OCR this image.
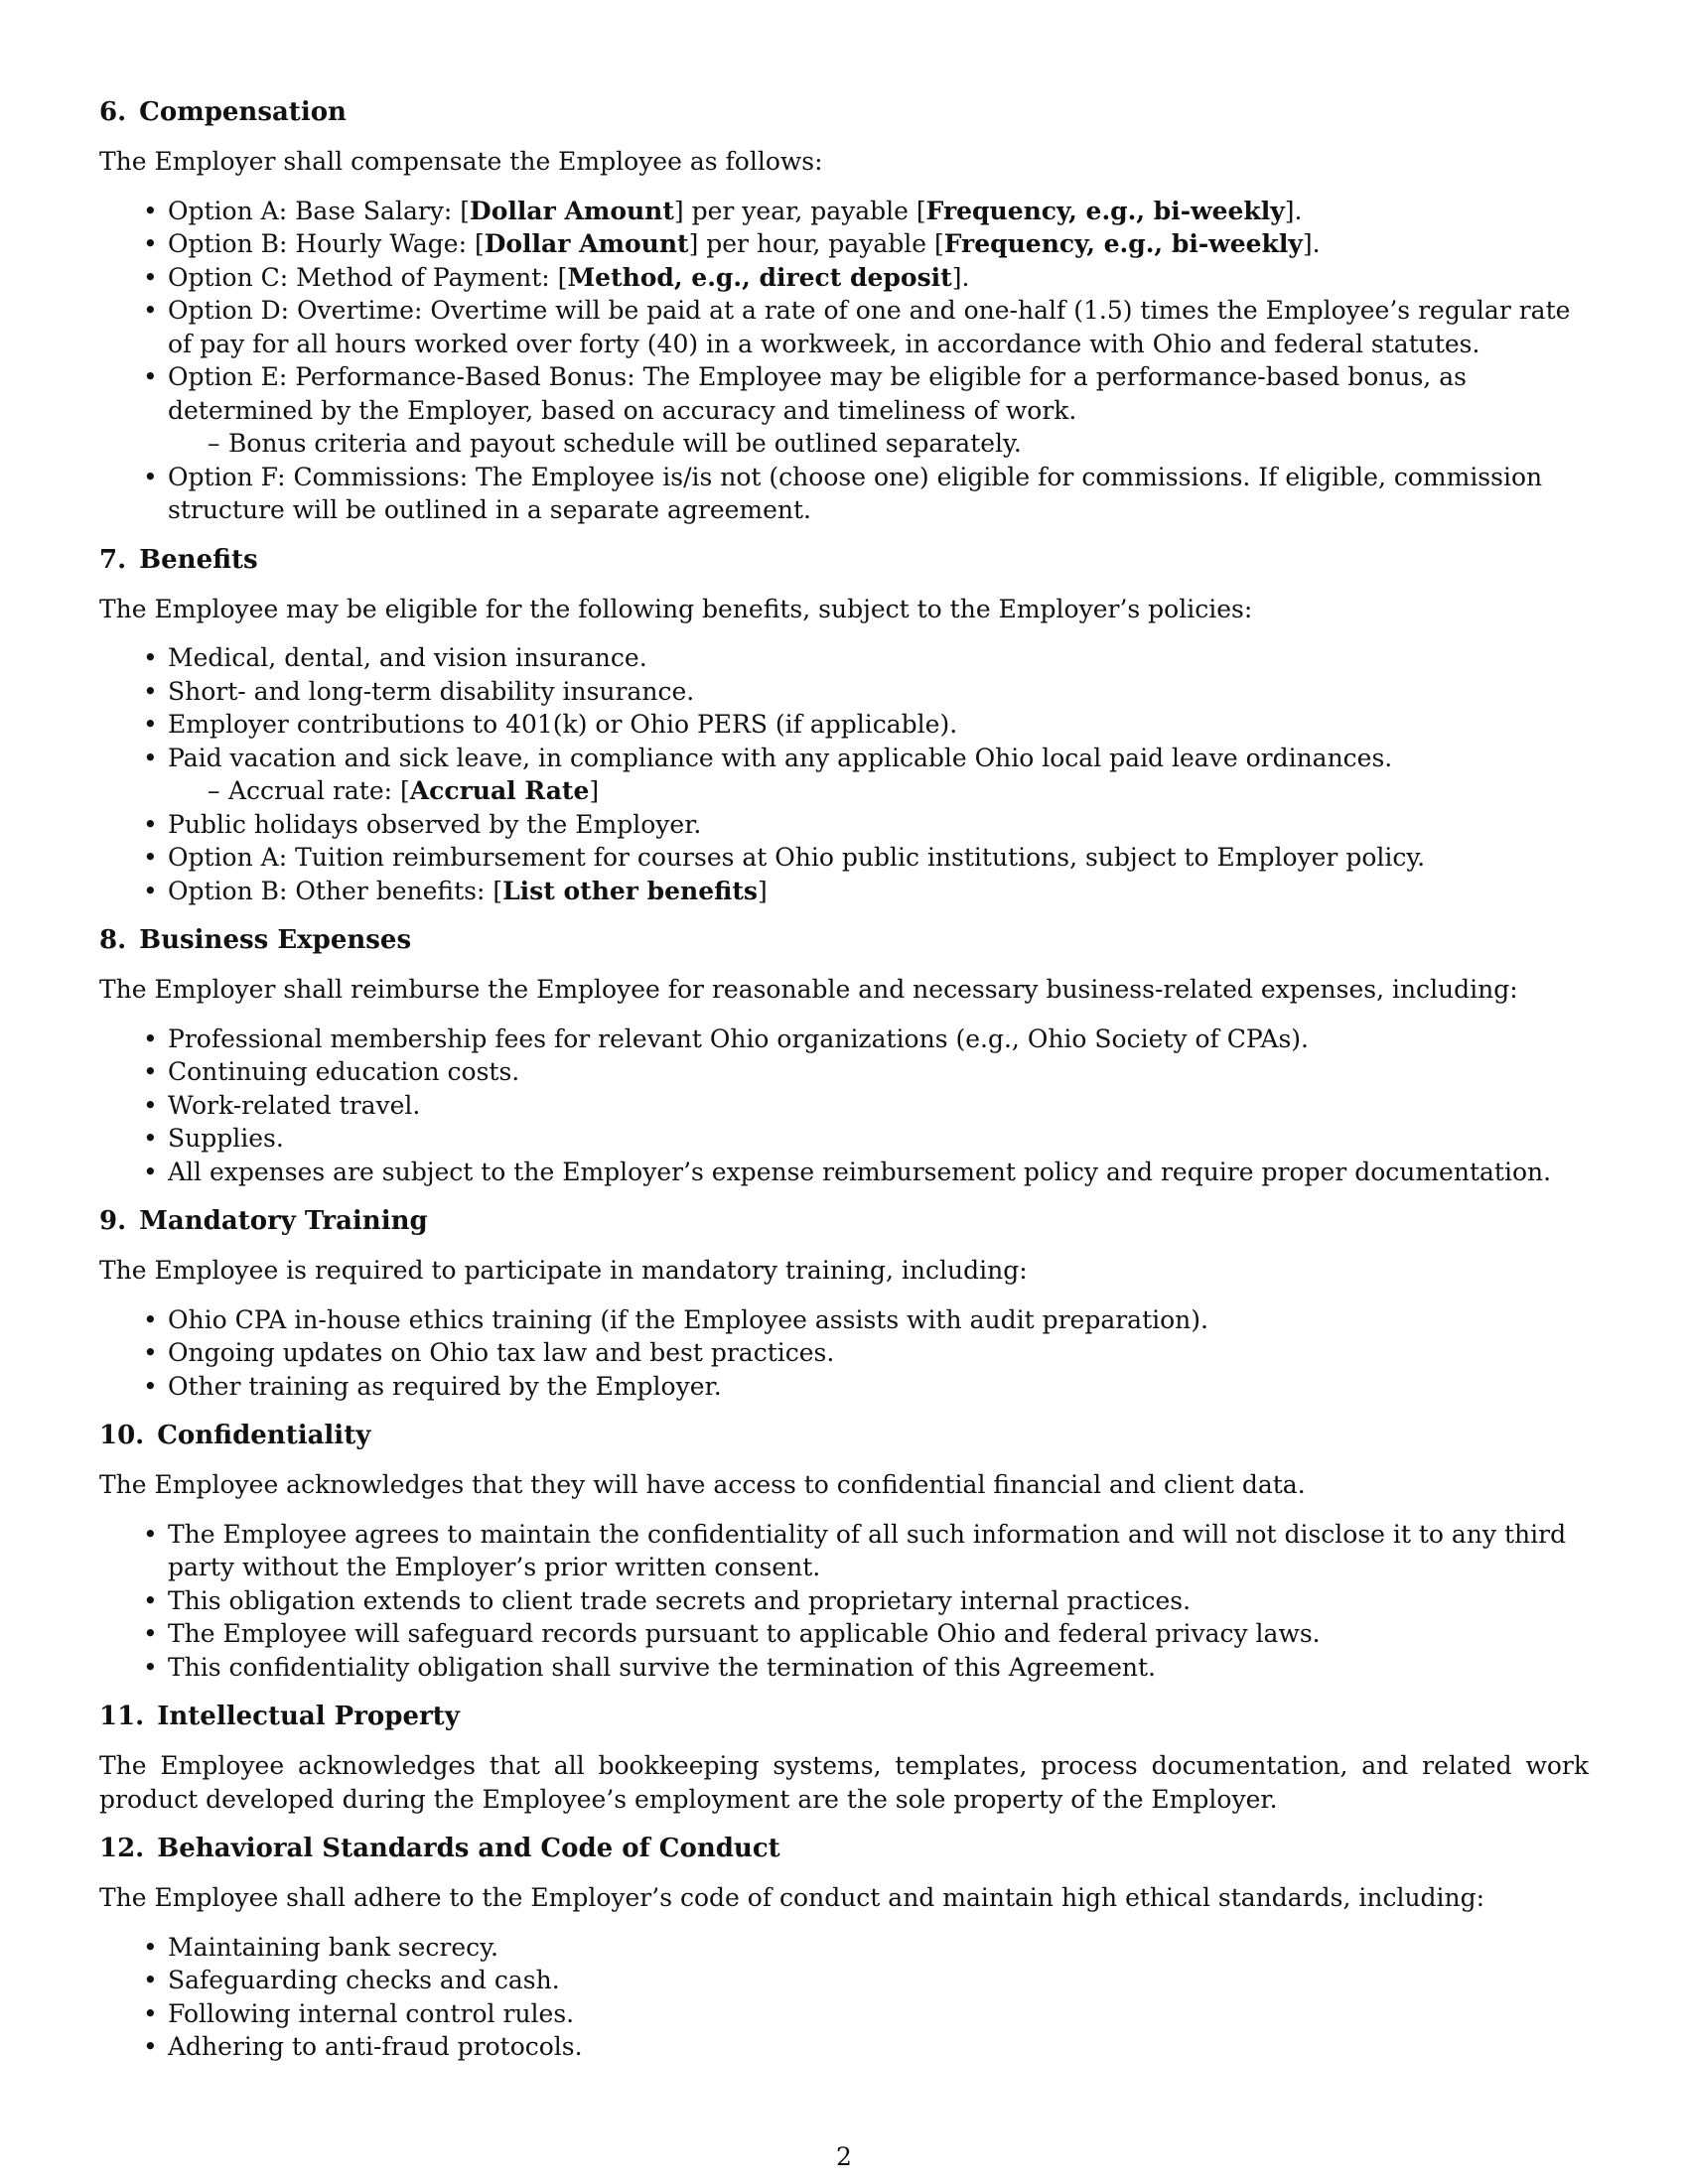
6. Compensation
The Employer shall compensate the Employee as follows:
• Option A: Base Salary: [Dollar Amount] per year, payable [Frequency, e.g., bi-weekly].
• Option B: Hourly Wage: [Dollar Amount] per hour, payable [Frequency, e.g., bi-weekly].
• Option C: Method of Payment: [Method, e.g., direct deposit].
• Option D: Overtime: Overtime will be paid at a rate of one and one-half (1.5) times the Employee’s regular rate of pay for all hours worked over forty (40) in a workweek, in accordance with Ohio and federal statutes.
• Option E: Performance-Based Bonus: The Employee may be eligible for a performance-based bonus, as determined by the Employer, based on accuracy and timeliness of work.
– Bonus criteria and payout schedule will be outlined separately.
• Option F: Commissions: The Employee is/is not (choose one) eligible for commissions. If eligible, commission structure will be outlined in a separate agreement.
7. Benefits
The Employee may be eligible for the following benefits, subject to the Employer’s policies:
• Medical, dental, and vision insurance.
• Short- and long-term disability insurance.
• Employer contributions to 401(k) or Ohio PERS (if applicable).
• Paid vacation and sick leave, in compliance with any applicable Ohio local paid leave ordinances.
– Accrual rate: [Accrual Rate]
• Public holidays observed by the Employer.
• Option A: Tuition reimbursement for courses at Ohio public institutions, subject to Employer policy.
• Option B: Other benefits: [List other benefits]
8. Business Expenses
The Employer shall reimburse the Employee for reasonable and necessary business-related expenses, including:
• Professional membership fees for relevant Ohio organizations (e.g., Ohio Society of CPAs).
• Continuing education costs.
• Work-related travel.
• Supplies.
• All expenses are subject to the Employer’s expense reimbursement policy and require proper documentation.
9. Mandatory Training
The Employee is required to participate in mandatory training, including:
• Ohio CPA in-house ethics training (if the Employee assists with audit preparation).
• Ongoing updates on Ohio tax law and best practices.
• Other training as required by the Employer.
10. Confidentiality
The Employee acknowledges that they will have access to confidential financial and client data.
• The Employee agrees to maintain the confidentiality of all such information and will not disclose it to any third party without the Employer’s prior written consent.
• This obligation extends to client trade secrets and proprietary internal practices.
• The Employee will safeguard records pursuant to applicable Ohio and federal privacy laws.
• This confidentiality obligation shall survive the termination of this Agreement.
11. Intellectual Property
The Employee acknowledges that all bookkeeping systems, templates, process documentation, and related work product developed during the Employee’s employment are the sole property of the Employer.
12. Behavioral Standards and Code of Conduct
The Employee shall adhere to the Employer’s code of conduct and maintain high ethical standards, including:
• Maintaining bank secrecy.
• Safeguarding checks and cash.
• Following internal control rules.
• Adhering to anti-fraud protocols.
2
